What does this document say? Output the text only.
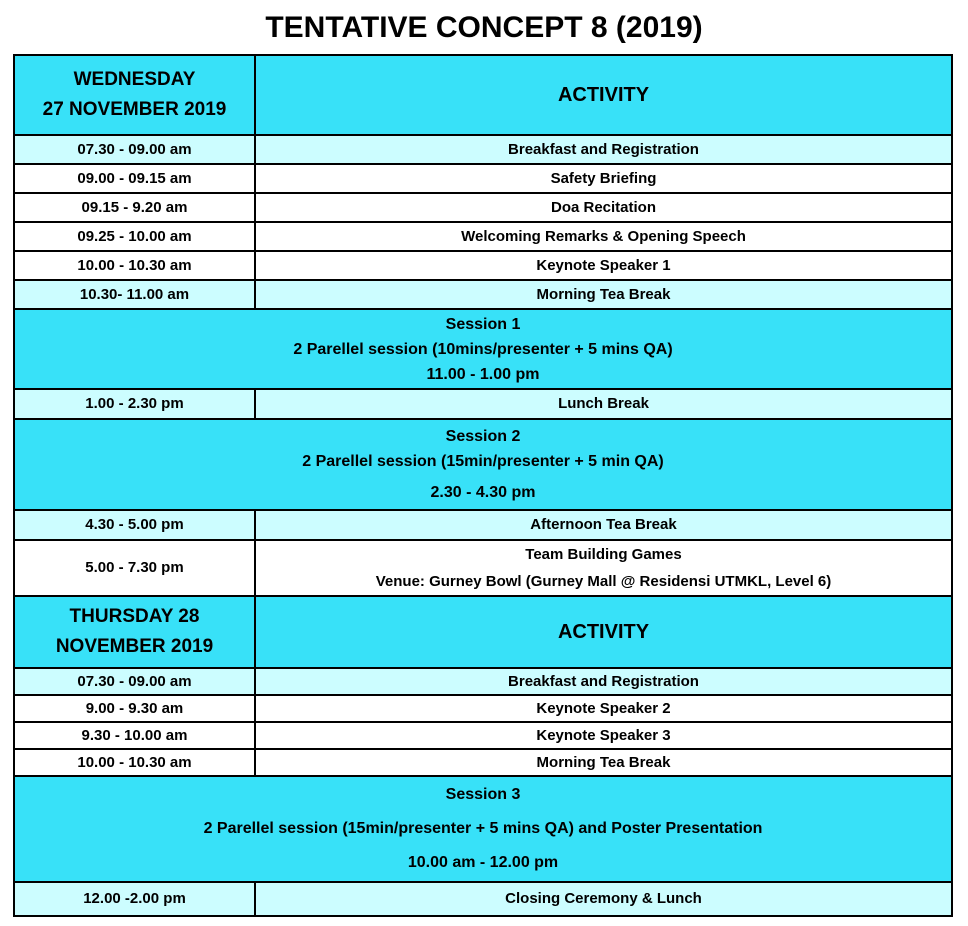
TENTATIVE CONCEPT 8 (2019)
WEDNESDAY
27 NOVEMBER 2019	ACTIVITY
07.30 - 09.00 am	Breakfast and Registration
09.00 - 09.15 am	Safety Briefing
09.15 - 9.20 am	Doa Recitation
09.25 - 10.00 am	Welcoming Remarks & Opening Speech
10.00 - 10.30 am	Keynote Speaker 1
10.30- 11.00 am	Morning Tea Break

Session 1
2 Parellel session (10mins/presenter + 5 mins QA)
11.00 - 1.00 pm	

1.00 - 2.30 pm	Lunch Break

Session 2
2 Parellel session (15min/presenter + 5 min QA)
2.30 - 4.30 pm	

4.30 - 5.00 pm	Afternoon Tea Break
5.00 - 7.30 pm	Team Building Games
Venue: Gurney Bowl (Gurney Mall @ Residensi UTMKL, Level 6)

THURSDAY 28
NOVEMBER 2019	ACTIVITY
07.30 - 09.00 am	Breakfast and Registration
9.00 - 9.30 am	Keynote Speaker 2
9.30 - 10.00 am	Keynote Speaker 3
10.00 - 10.30 am	Morning Tea Break

Session 3
2 Parellel session (15min/presenter + 5 mins QA) and Poster Presentation
10.00 am - 12.00 pm	

12.00 -2.00 pm	Closing Ceremony & Lunch
